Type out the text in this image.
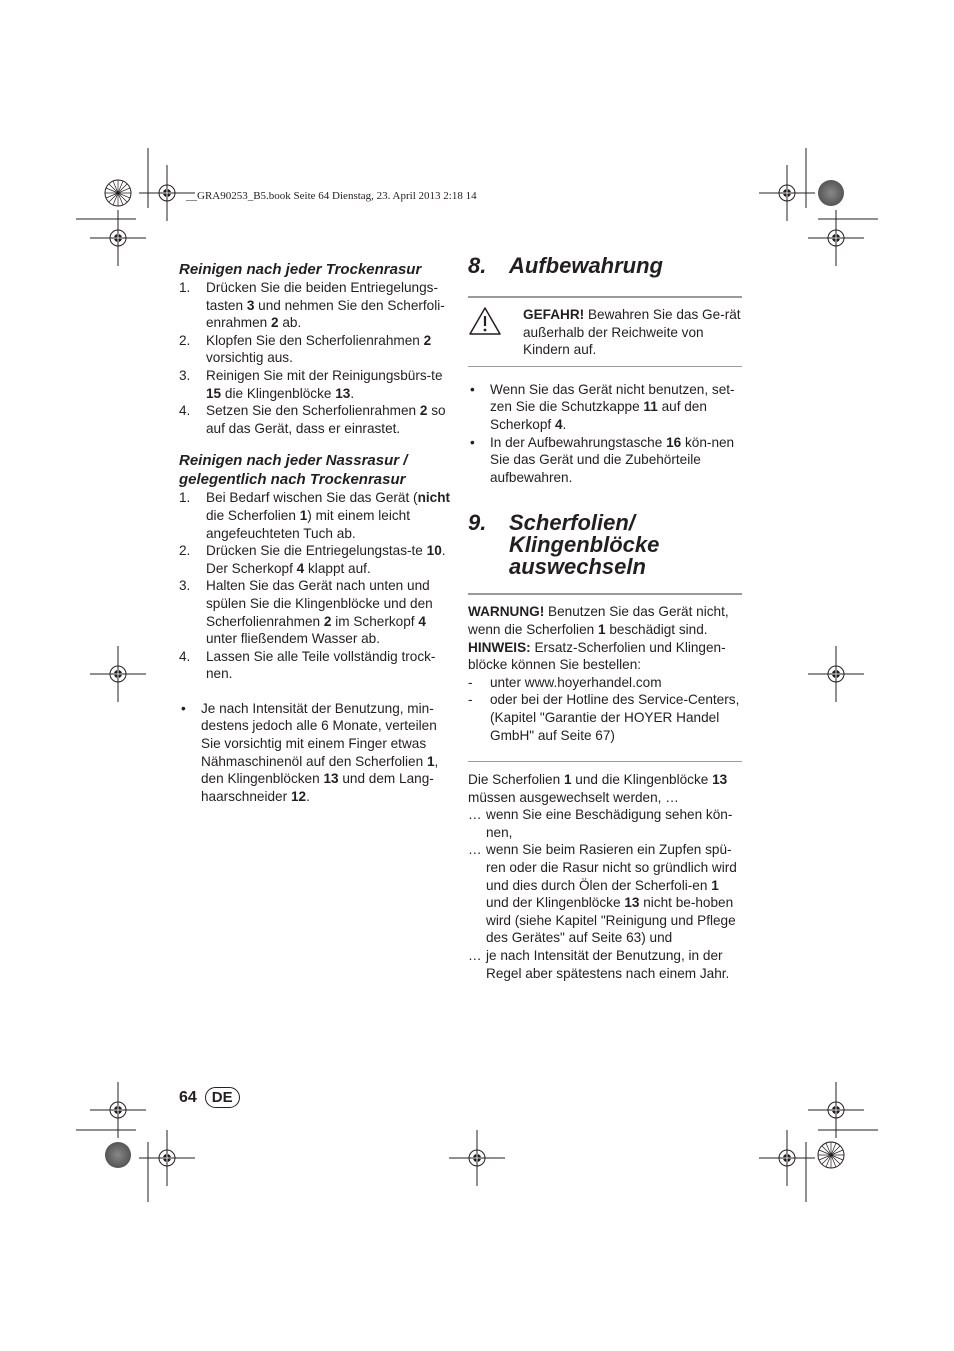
__GRA90253_B5.book Seite 64 Dienstag, 23. April 2013 2:18 14

Reinigen nach jeder Trockenrasur

1. Drücken Sie die beiden Entriegelungs-tasten 3 und nehmen Sie den Scherfoli-enrahmen 2 ab.
2. Klopfen Sie den Scherfolienrahmen 2 vorsichtig aus.
3. Reinigen Sie mit der Reinigungsbürs-te 15 die Klingenblöcke 13.
4. Setzen Sie den Scherfolienrahmen 2 so auf das Gerät, dass er einrastet.

Reinigen nach jeder Nassrasur / gelegentlich nach Trockenrasur

1. Bei Bedarf wischen Sie das Gerät (nicht die Scherfolien 1) mit einem leicht angefeuchteten Tuch ab.
2. Drücken Sie die Entriegelungstas-te 10. Der Scherkopf 4 klappt auf.
3. Halten Sie das Gerät nach unten und spülen Sie die Klingenblöcke und den Scherfolienrahmen 2 im Scherkopf 4 unter fließendem Wasser ab.
4. Lassen Sie alle Teile vollständig trock-nen.
• Je nach Intensität der Benutzung, min-destens jedoch alle 6 Monate, verteilen Sie vorsichtig mit einem Finger etwas Nähmaschinenöl auf den Scherfolien 1, den Klingenblöcken 13 und dem Lang-haarschneider 12.
8.	Aufbewahrung
GEFAHR! Bewahren Sie das Ge-rät außerhalb der Reichweite von Kindern auf.
• Wenn Sie das Gerät nicht benutzen, set-zen Sie die Schutzkappe 11 auf den Scherkopf 4.
• In der Aufbewahrungstasche 16 kön-nen Sie das Gerät und die Zubehörteile aufbewahren.
9.	Scherfolien/
Klingenblöcke
auswechseln
WARNUNG! Benutzen Sie das Gerät nicht, wenn die Scherfolien 1 beschädigt sind.
HINWEIS: Ersatz-Scherfolien und Klingen-blöcke können Sie bestellen:
- unter www.hoyerhandel.com
- oder bei der Hotline des Service-Centers, (Kapitel "Garantie der HOYER Handel GmbH" auf Seite 67)
Die Scherfolien 1 und die Klingenblöcke 13 müssen ausgewechselt werden, …
… wenn Sie eine Beschädigung sehen kön-nen,
… wenn Sie beim Rasieren ein Zupfen spü-ren oder die Rasur nicht so gründlich wird und dies durch Ölen der Scherfoli-en 1 und der Klingenblöcke 13 nicht be-hoben wird (siehe Kapitel "Reinigung und Pflege des Gerätes" auf Seite 63) und
… je nach Intensität der Benutzung, in der Regel aber spätestens nach einem Jahr.
64	DE
